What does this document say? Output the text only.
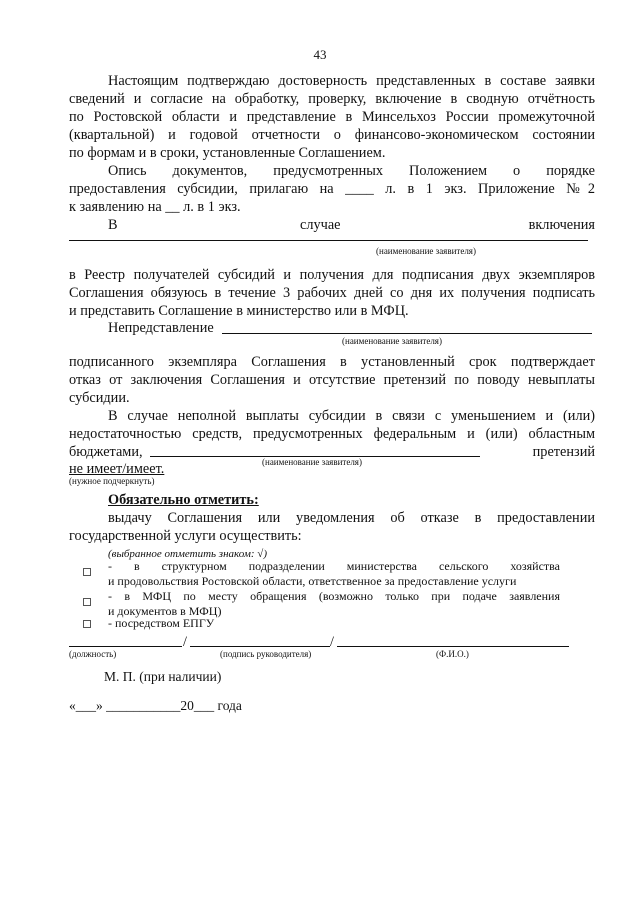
43
Настоящим подтверждаю достоверность представленных в составе заявки
сведений и согласие на обработку, проверку, включение в сводную отчётность
по Ростовской области и представление в Минсельхоз России промежуточной
(квартальной) и годовой отчетности о финансово-экономическом состоянии
по формам и в сроки, установленные Соглашением.
Опись документов, предусмотренных Положением о порядке
предоставления субсидии, прилагаю на ____ л. в 1 экз. Приложение №2
к заявлению на __ л. в 1 экз.
В	случае	включения
(наименование заявителя)
в Реестр получателей субсидий и получения для подписания двух экземпляров
Соглашения обязуюсь в течение 3 рабочих дней со дня их получения подписать
и представить Соглашение в министерство или в МФЦ.
Непредставление
(наименование заявителя)
подписанного экземпляра Соглашения в установленный срок подтверждает
отказ от заключения Соглашения и отсутствие претензий по поводу невыплаты
субсидии.
В случае неполной выплаты субсидии в связи с уменьшением и (или)
недостаточностью средств, предусмотренных федеральным и (или) областным
бюджетами,
(наименование заявителя)
претензий
не имеет/имеет.
(нужное подчеркнуть)
Обязательно отметить:
выдачу Соглашения или уведомления об отказе в предоставлении
государственной услуги осуществить:
(выбранное отметить знаком: √)
- в структурном подразделении министерства сельского хозяйства
и продовольствия Ростовской области, ответственное за предоставление услуги
- в МФЦ по месту обращения (возможно только при подаче заявления
и документов в МФЦ)
- посредством ЕПГУ
/	/
(должность)	(подпись руководителя)	(Ф.И.О.)
М. П. (при наличии)
«___» ___________20___ года
